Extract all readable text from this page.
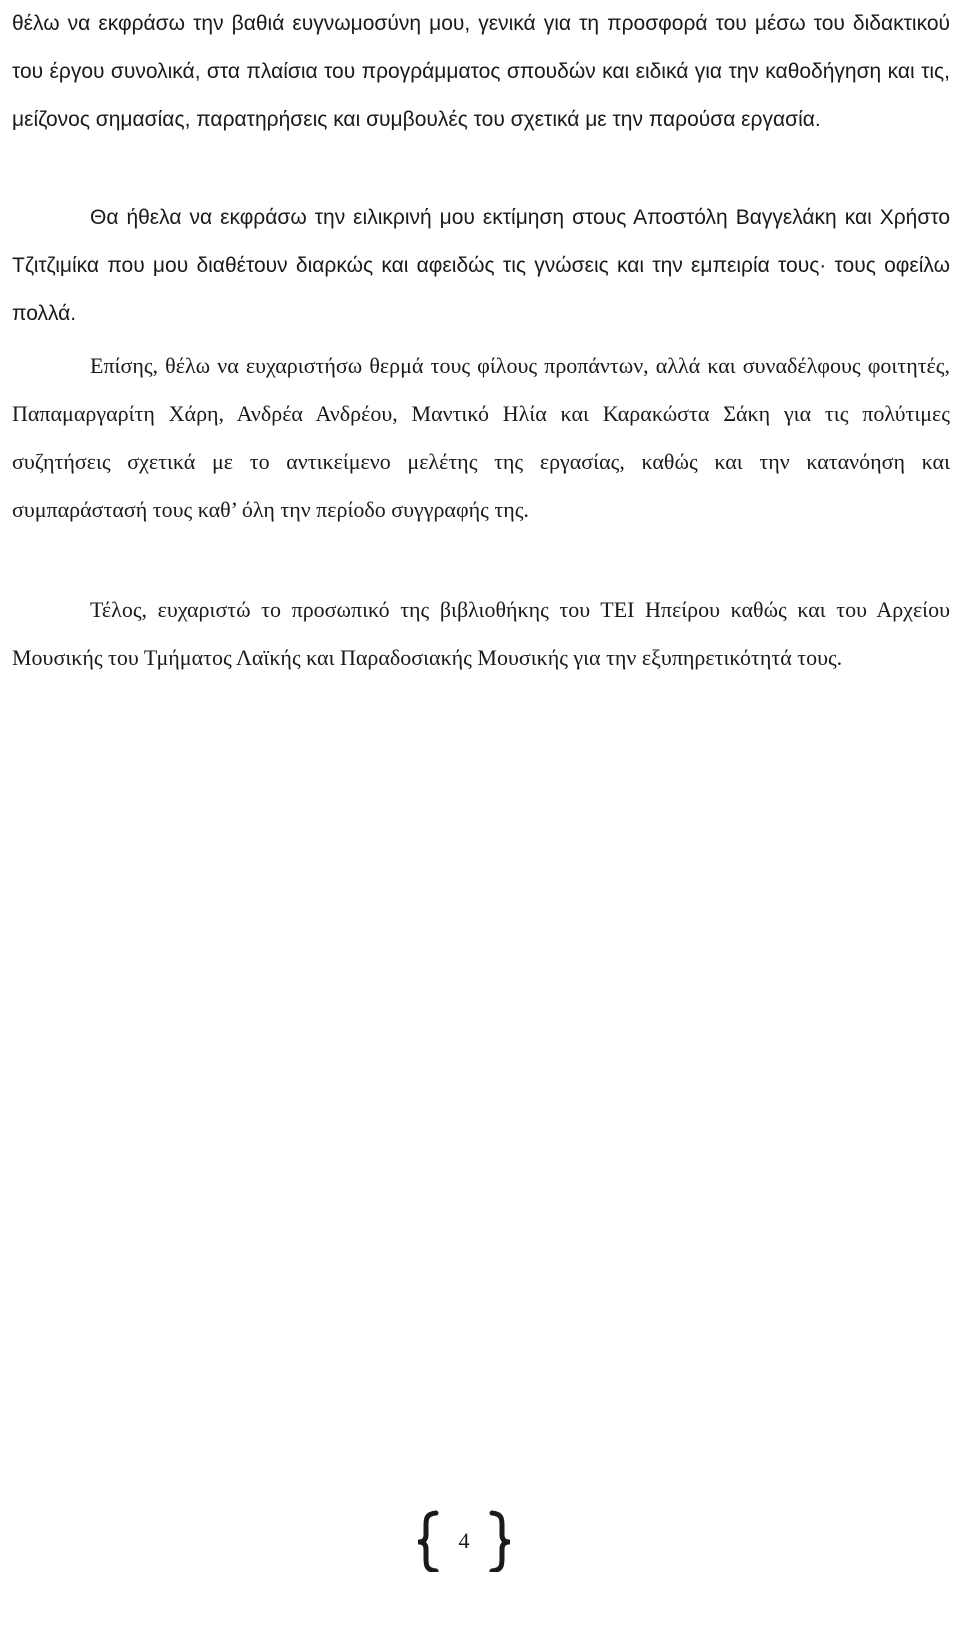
θέλω να εκφράσω την βαθιά ευγνωμοσύνη μου, γενικά για τη προσφορά του μέσω του διδακτικού του έργου συνολικά, στα πλαίσια του προγράμματος σπουδών και ειδικά για την καθοδήγηση και τις, μείζονος σημασίας, παρατηρήσεις και συμβουλές του σχετικά με την παρούσα εργασία.

Θα ήθελα να εκφράσω την ειλικρινή μου εκτίμηση στους Αποστόλη Βαγγελάκη και Χρήστο Τζιτζιμίκα που μου διαθέτουν διαρκώς και αφειδώς τις γνώσεις και την εμπειρία τους· τους οφείλω πολλά.

Επίσης, θέλω να ευχαριστήσω θερμά τους φίλους προπάντων, αλλά και συναδέλφους φοιτητές, Παπαμαργαρίτη Χάρη, Ανδρέα Ανδρέου, Μαντικό Ηλία και Καρακώστα Σάκη για τις πολύτιμες συζητήσεις σχετικά με το αντικείμενο μελέτης της εργασίας, καθώς και την κατανόηση και συμπαράστασή τους καθ’ όλη την περίοδο συγγραφής της.

Τέλος, ευχαριστώ το προσωπικό της βιβλιοθήκης του ΤΕΙ Ηπείρου καθώς και του Αρχείου Μουσικής του Τμήματος Λαϊκής και Παραδοσιακής Μουσικής για την εξυπηρετικότητά τους.

4
